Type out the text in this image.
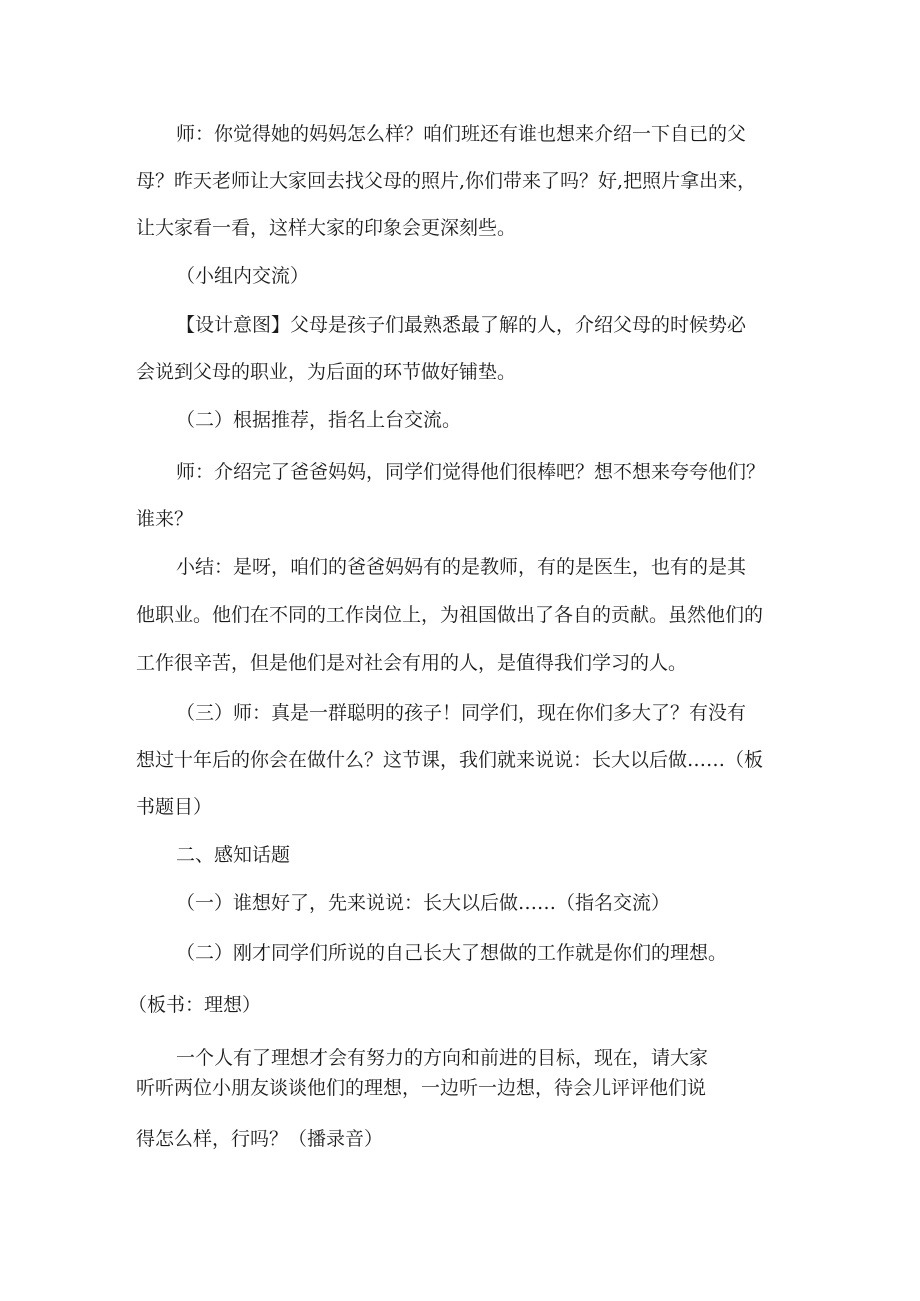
师：你觉得她的妈妈怎么样？咱们班还有谁也想来介绍一下自已的父
母？昨天老师让大家回去找父母的照片,你们带来了吗？好,把照片拿出来，
让大家看一看，这样大家的印象会更深刻些。
（小组内交流）
【设计意图】父母是孩子们最熟悉最了解的人，介绍父母的时候势必
会说到父母的职业，为后面的环节做好铺垫。
（二）根据推荐，指名上台交流。
师：介绍完了爸爸妈妈，同学们觉得他们很棒吧？想不想来夸夸他们？
谁来？
小结：是呀，咱们的爸爸妈妈有的是教师，有的是医生，也有的是其
他职业。他们在不同的工作岗位上，为祖国做出了各自的贡献。虽然他们的
工作很辛苦，但是他们是对社会有用的人，是值得我们学习的人。
（三）师：真是一群聪明的孩子！同学们，现在你们多大了？有没有
想过十年后的你会在做什么？这节课，我们就来说说：长大以后做……（板
书题目）
二、感知话题
（一）谁想好了，先来说说：长大以后做……（指名交流）
（二）刚才同学们所说的自己长大了想做的工作就是你们的理想。
（板书：理想）
一个人有了理想才会有努力的方向和前进的目标，现在，请大家
听听两位小朋友谈谈他们的理想，一边听一边想，待会儿评评他们说
得怎么样，行吗？（播录音）
